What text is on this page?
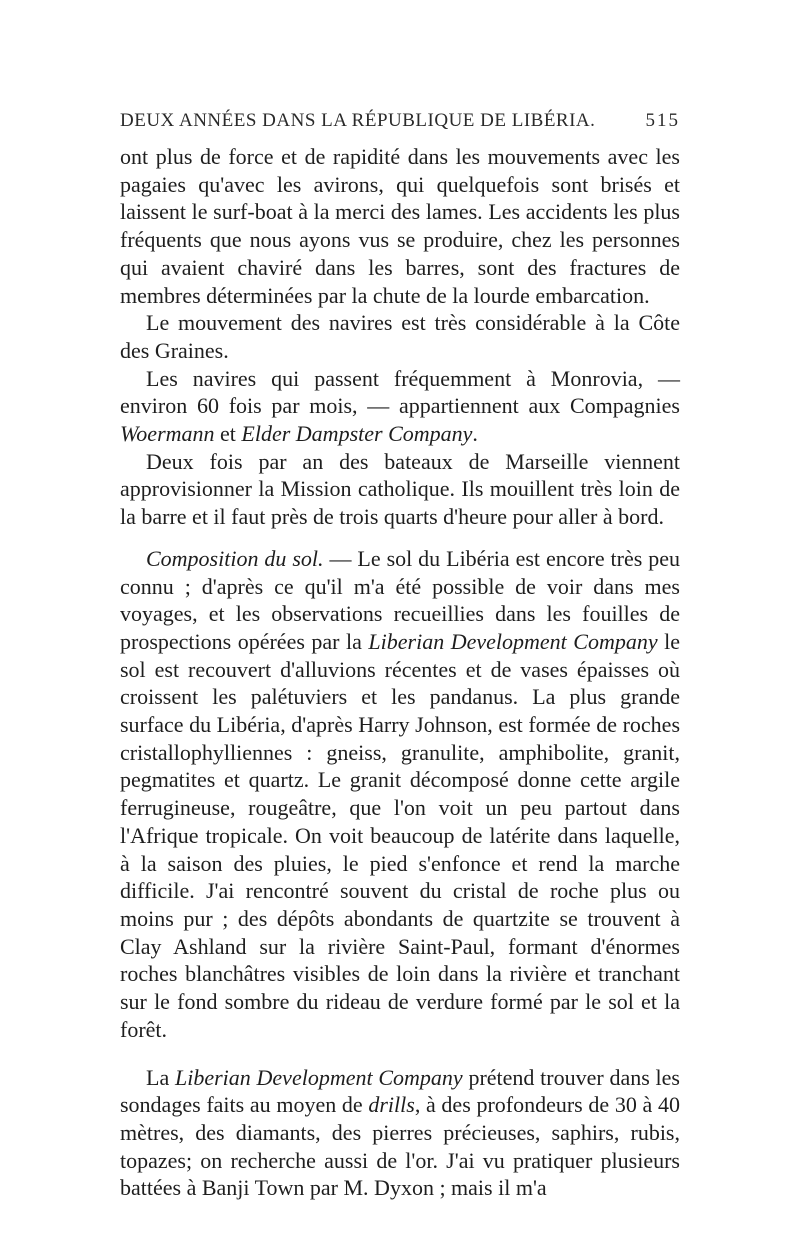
DEUX ANNÉES DANS LA RÉPUBLIQUE DE LIBÉRIA.	515

ont plus de force et de rapidité dans les mouvements avec les pagaies qu'avec les avirons, qui quelquefois sont brisés et laissent le surf-boat à la merci des lames. Les accidents les plus fréquents que nous ayons vus se produire, chez les personnes qui avaient chaviré dans les barres, sont des fractures de membres déterminées par la chute de la lourde embarcation.

Le mouvement des navires est très considérable à la Côte des Graines.

Les navires qui passent fréquemment à Monrovia, — environ 60 fois par mois, — appartiennent aux Compagnies Woermann et Elder Dampster Company.

Deux fois par an des bateaux de Marseille viennent approvisionner la Mission catholique. Ils mouillent très loin de la barre et il faut près de trois quarts d'heure pour aller à bord.

Composition du sol. — Le sol du Libéria est encore très peu connu ; d'après ce qu'il m'a été possible de voir dans mes voyages, et les observations recueillies dans les fouilles de prospections opérées par la Liberian Development Company le sol est recouvert d'alluvions récentes et de vases épaisses où croissent les palétuviers et les pandanus. La plus grande surface du Libéria, d'après Harry Johnson, est formée de roches cristallophylliennes : gneiss, granulite, amphibolite, granit, pegmatites et quartz. Le granit décomposé donne cette argile ferrugineuse, rougeâtre, que l'on voit un peu partout dans l'Afrique tropicale. On voit beaucoup de latérite dans laquelle, à la saison des pluies, le pied s'enfonce et rend la marche difficile. J'ai rencontré souvent du cristal de roche plus ou moins pur ; des dépôts abondants de quartzite se trouvent à Clay Ashland sur la rivière Saint-Paul, formant d'énormes roches blanchâtres visibles de loin dans la rivière et tranchant sur le fond sombre du rideau de verdure formé par le sol et la forêt.

La Liberian Development Company prétend trouver dans les sondages faits au moyen de drills, à des profondeurs de 30 à 40 mètres, des diamants, des pierres précieuses, saphirs, rubis, topazes; on recherche aussi de l'or. J'ai vu pratiquer plusieurs battées à Banji Town par M. Dyxon ; mais il m'a
